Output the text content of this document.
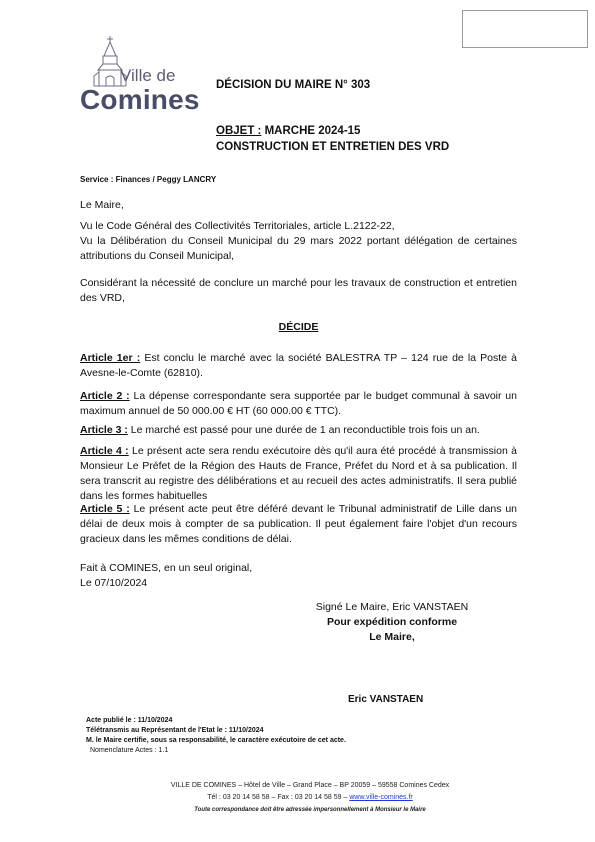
Ville de
Comines DÉCISION DU MAIRE N° 303
OBJET : MARCHE 2024-15
CONSTRUCTION ET ENTRETIEN DES VRD
Service : Finances / Peggy LANCRY
Le Maire,
Vu le Code Général des Collectivités Territoriales, article L.2122-22,
Vu la Délibération du Conseil Municipal du 29 mars 2022 portant délégation de certaines attributions du Conseil Municipal,
Considérant la nécessité de conclure un marché pour les travaux de construction et entretien des VRD,
DÉCIDE
Article 1er : Est conclu le marché avec la société BALESTRA TP – 124 rue de la Poste à Avesne-le-Comte (62810).
Article 2 : La dépense correspondante sera supportée par le budget communal à savoir un maximum annuel de 50 000.00 € HT (60 000.00 € TTC).
Article 3 : Le marché est passé pour une durée de 1 an reconductible trois fois un an.
Article 4 : Le présent acte sera rendu exécutoire dès qu'il aura été procédé à transmission à Monsieur Le Préfet de la Région des Hauts de France, Préfet du Nord et à sa publication. Il sera transcrit au registre des délibérations et au recueil des actes administratifs. Il sera publié dans les formes habituelles
Article 5 : Le présent acte peut être déféré devant le Tribunal administratif de Lille dans un délai de deux mois à compter de sa publication. Il peut également faire l'objet d'un recours gracieux dans les mêmes conditions de délai.
Fait à COMINES, en un seul original,
Le 07/10/2024
Signé Le Maire, Eric VANSTAEN
Pour expédition conforme
Le Maire,
Eric VANSTAEN
Acte publié le : 11/10/2024
Télétransmis au Représentant de l'Etat le : 11/10/2024
M. le Maire certifie, sous sa responsabilité, le caractère exécutoire de cet acte.
Nomenclature Actes : 1.1
VILLE DE COMINES – Hôtel de Ville – Grand Place – BP 20059 – 59558 Comines Cedex
Tél : 03 20 14 58 58 – Fax : 03 20 14 58 59 – www.ville-comines.fr
Toute correspondance doit être adressée impersonnellement à Monsieur le Maire
